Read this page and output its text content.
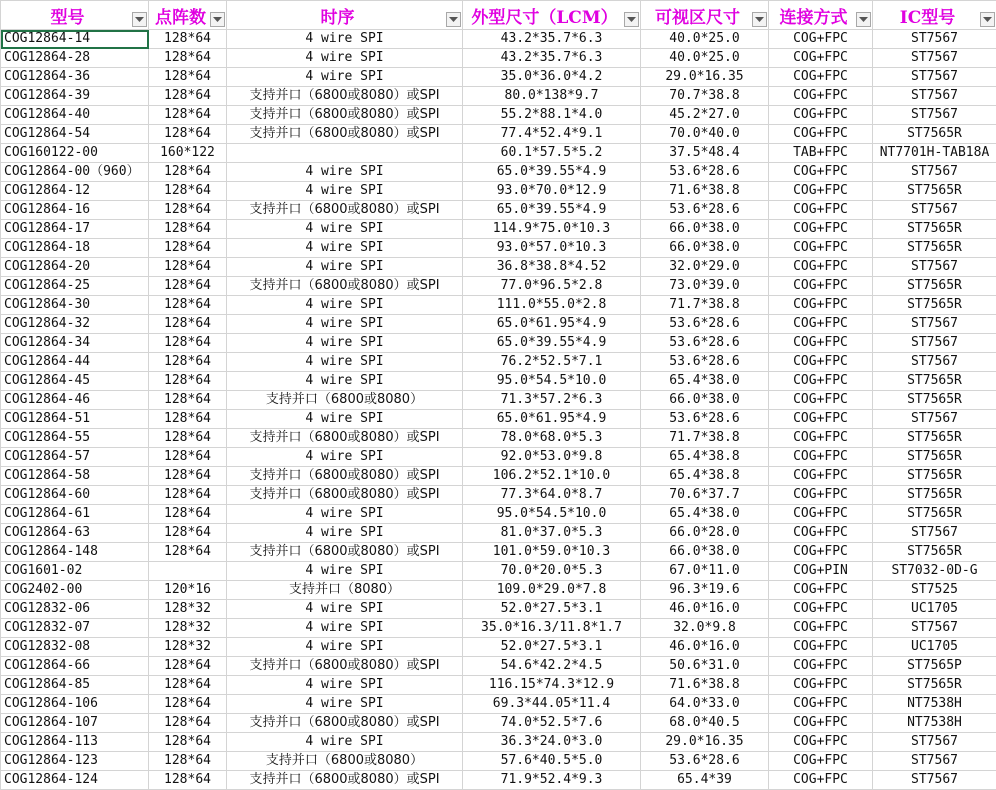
型号	点阵数	时序	外型尺寸（LCM）	可视区尺寸	连接方式	IC型号

COG12864-14	128*64	4 wire SPI	43.2*35.7*6.3	40.0*25.0	COG+FPC	ST7567
COG12864-28	128*64	4 wire SPI	43.2*35.7*6.3	40.0*25.0	COG+FPC	ST7567
COG12864-36	128*64	4 wire SPI	35.0*36.0*4.2	29.0*16.35	COG+FPC	ST7567
COG12864-39	128*64	支持并口（6800或8080）或SPI	80.0*138*9.7	70.7*38.8	COG+FPC	ST7567
COG12864-40	128*64	支持并口（6800或8080）或SPI	55.2*88.1*4.0	45.2*27.0	COG+FPC	ST7567
COG12864-54	128*64	支持并口（6800或8080）或SPI	77.4*52.4*9.1	70.0*40.0	COG+FPC	ST7565R
COG160122-00	160*122		60.1*57.5*5.2	37.5*48.4	TAB+FPC	NT7701H-TAB18A
COG12864-00（960）	128*64	4 wire SPI	65.0*39.55*4.9	53.6*28.6	COG+FPC	ST7567
COG12864-12	128*64	4 wire SPI	93.0*70.0*12.9	71.6*38.8	COG+FPC	ST7565R
COG12864-16	128*64	支持并口（6800或8080）或SPI	65.0*39.55*4.9	53.6*28.6	COG+FPC	ST7567
COG12864-17	128*64	4 wire SPI	114.9*75.0*10.3	66.0*38.0	COG+FPC	ST7565R
COG12864-18	128*64	4 wire SPI	93.0*57.0*10.3	66.0*38.0	COG+FPC	ST7565R
COG12864-20	128*64	4 wire SPI	36.8*38.8*4.52	32.0*29.0	COG+FPC	ST7567
COG12864-25	128*64	支持并口（6800或8080）或SPI	77.0*96.5*2.8	73.0*39.0	COG+FPC	ST7565R
COG12864-30	128*64	4 wire SPI	111.0*55.0*2.8	71.7*38.8	COG+FPC	ST7565R
COG12864-32	128*64	4 wire SPI	65.0*61.95*4.9	53.6*28.6	COG+FPC	ST7567
COG12864-34	128*64	4 wire SPI	65.0*39.55*4.9	53.6*28.6	COG+FPC	ST7567
COG12864-44	128*64	4 wire SPI	76.2*52.5*7.1	53.6*28.6	COG+FPC	ST7567
COG12864-45	128*64	4 wire SPI	95.0*54.5*10.0	65.4*38.0	COG+FPC	ST7565R
COG12864-46	128*64	支持并口（6800或8080）	71.3*57.2*6.3	66.0*38.0	COG+FPC	ST7565R
COG12864-51	128*64	4 wire SPI	65.0*61.95*4.9	53.6*28.6	COG+FPC	ST7567
COG12864-55	128*64	支持并口（6800或8080）或SPI	78.0*68.0*5.3	71.7*38.8	COG+FPC	ST7565R
COG12864-57	128*64	4 wire SPI	92.0*53.0*9.8	65.4*38.8	COG+FPC	ST7565R
COG12864-58	128*64	支持并口（6800或8080）或SPI	106.2*52.1*10.0	65.4*38.8	COG+FPC	ST7565R
COG12864-60	128*64	支持并口（6800或8080）或SPI	77.3*64.0*8.7	70.6*37.7	COG+FPC	ST7565R
COG12864-61	128*64	4 wire SPI	95.0*54.5*10.0	65.4*38.0	COG+FPC	ST7565R
COG12864-63	128*64	4 wire SPI	81.0*37.0*5.3	66.0*28.0	COG+FPC	ST7567
COG12864-148	128*64	支持并口（6800或8080）或SPI	101.0*59.0*10.3	66.0*38.0	COG+FPC	ST7565R
COG1601-02		4 wire SPI	70.0*20.0*5.3	67.0*11.0	COG+PIN	ST7032-0D-G
COG2402-00	120*16	支持并口（8080）	109.0*29.0*7.8	96.3*19.6	COG+FPC	ST7525
COG12832-06	128*32	4 wire SPI	52.0*27.5*3.1	46.0*16.0	COG+FPC	UC1705
COG12832-07	128*32	4 wire SPI	35.0*16.3/11.8*1.7	32.0*9.8	COG+FPC	ST7567
COG12832-08	128*32	4 wire SPI	52.0*27.5*3.1	46.0*16.0	COG+FPC	UC1705
COG12864-66	128*64	支持并口（6800或8080）或SPI	54.6*42.2*4.5	50.6*31.0	COG+FPC	ST7565P
COG12864-85	128*64	4 wire SPI	116.15*74.3*12.9	71.6*38.8	COG+FPC	ST7565R
COG12864-106	128*64	4 wire SPI	69.3*44.05*11.4	64.0*33.0	COG+FPC	NT7538H
COG12864-107	128*64	支持并口（6800或8080）或SPI	74.0*52.5*7.6	68.0*40.5	COG+FPC	NT7538H
COG12864-113	128*64	4 wire SPI	36.3*24.0*3.0	29.0*16.35	COG+FPC	ST7567
COG12864-123	128*64	支持并口（6800或8080）	57.6*40.5*5.0	53.6*28.6	COG+FPC	ST7567
COG12864-124	128*64	支持并口（6800或8080）或SPI	71.9*52.4*9.3	65.4*39	COG+FPC	ST7567
